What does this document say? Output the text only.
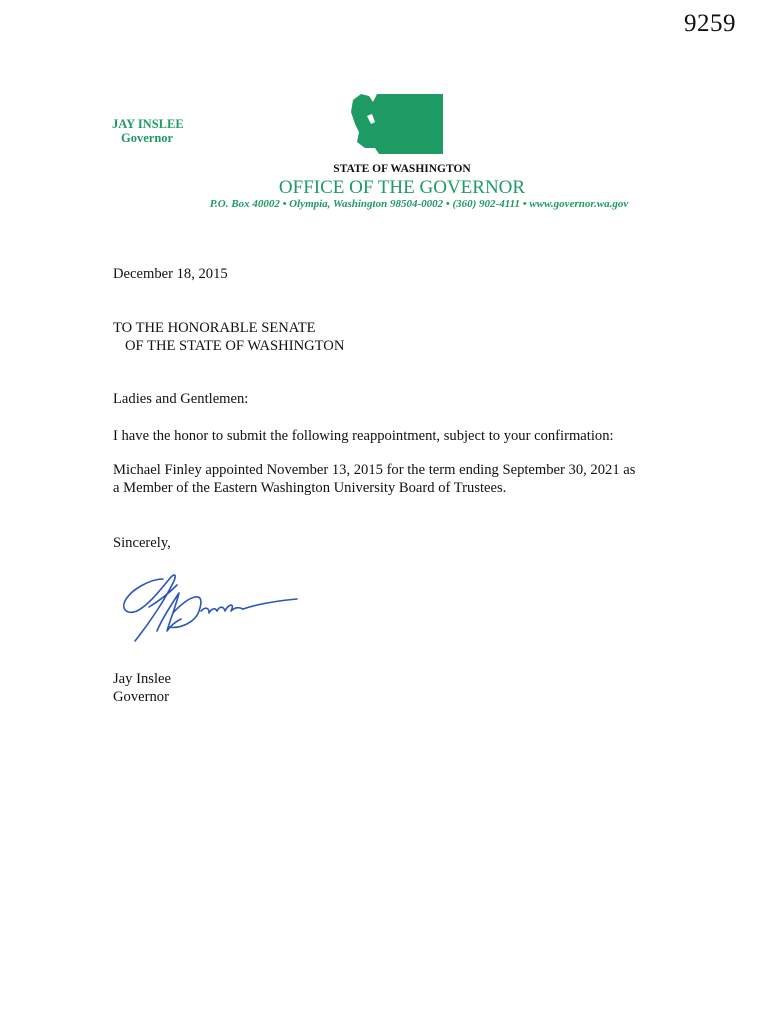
9259
JAY INSLEE
Governor
STATE OF WASHINGTON
OFFICE OF THE GOVERNOR
P.O. Box 40002 • Olympia, Washington 98504-0002 • (360) 902-4111 • www.governor.wa.gov
December 18, 2015
TO THE HONORABLE SENATE
OF THE STATE OF WASHINGTON
Ladies and Gentlemen:
I have the honor to submit the following reappointment, subject to your confirmation:
Michael Finley appointed November 13, 2015 for the term ending September 30, 2021 as
a Member of the Eastern Washington University Board of Trustees.
Sincerely,
Jay Inslee
Governor
